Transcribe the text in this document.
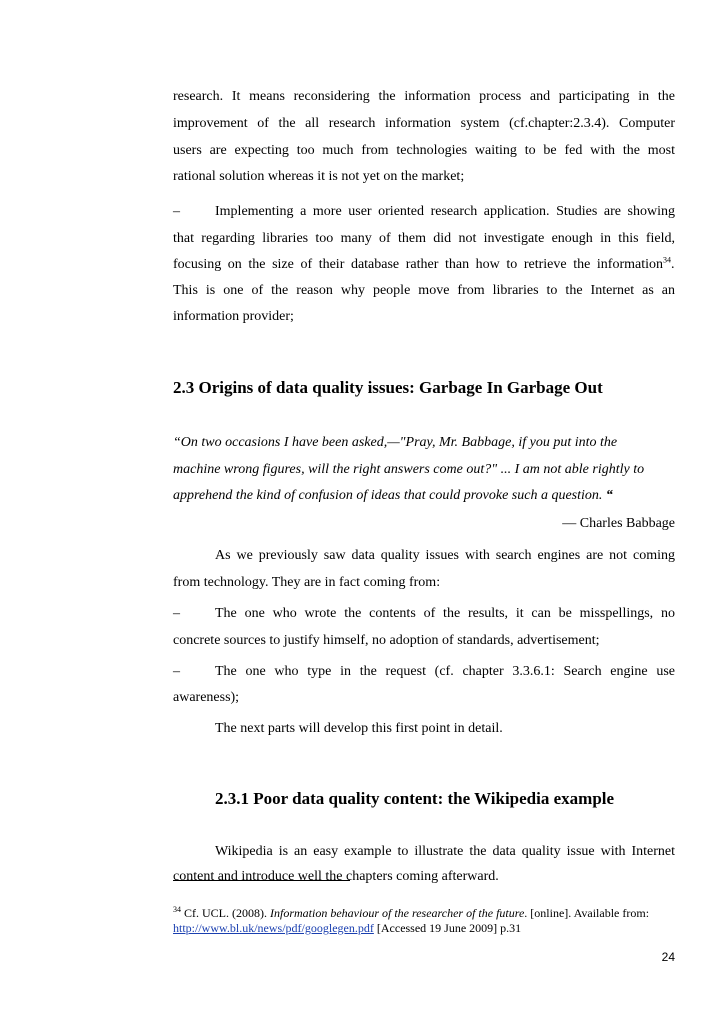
research. It means reconsidering the information process and participating in the
improvement of the all research information system (cf.chapter:2.3.4). Computer
users are expecting too much from technologies waiting to be fed with the most
rational solution whereas it is not yet on the market;
–	Implementing a more user oriented research application. Studies are showing
that regarding libraries too many of them did not investigate enough in this field,
focusing on the size of their database rather than how to retrieve the information$^{34}$.
This is one of the reason why people move from libraries to the Internet as an
information provider;
2.3 Origins of data quality issues: Garbage In Garbage Out
“On two occasions I have been asked,—"Pray, Mr. Babbage, if you put into the
machine wrong figures, will the right answers come out?" ... I am not able rightly to
apprehend the kind of confusion of ideas that could provoke such a question. “
— Charles Babbage
As we previously saw data quality issues with search engines are not coming
from technology. They are in fact coming from:
–	The one who wrote the contents of the results, it can be misspellings, no
concrete sources to justify himself, no adoption of standards, advertisement;
–	The one who type in the request (cf. chapter 3.3.6.1: Search engine use
awareness);
The next parts will develop this first point in detail.
2.3.1 Poor data quality content: the Wikipedia example
Wikipedia is an easy example to illustrate the data quality issue with Internet
content and introduce well the chapters coming afterward.
$^{34}$ Cf. UCL. (2008). Information behaviour of the researcher of the future. [online]. Available from:
http://www.bl.uk/news/pdf/googlegen.pdf [Accessed 19 June 2009] p.31
24
